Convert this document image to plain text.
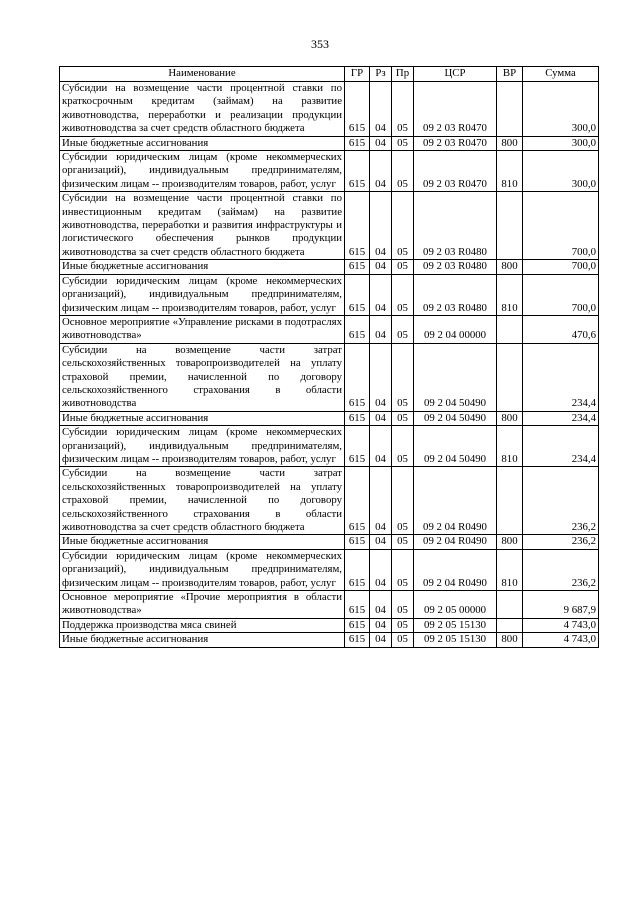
353
Наименование	ГР	Рз	Пр	ЦСР	ВР	Сумма
Субсидии на возмещение части процентной ставки по краткосрочным кредитам (займам) на развитие животноводства, переработки и реализации продукции животноводства за счет средств областного бюджета	615	04	05	09 2 03 R0470		300,0
Иные бюджетные ассигнования	615	04	05	09 2 03 R0470	800	300,0
Субсидии юридическим лицам (кроме некоммерческих организаций), индивидуальным предпринимателям, физическим лицам -- производителям товаров, работ, услуг	615	04	05	09 2 03 R0470	810	300,0
Субсидии на возмещение части процентной ставки по инвестиционным кредитам (займам) на развитие животноводства, переработки и развития инфраструктуры и логистического обеспечения рынков продукции животноводства за счет средств областного бюджета	615	04	05	09 2 03 R0480		700,0
Иные бюджетные ассигнования	615	04	05	09 2 03 R0480	800	700,0
Субсидии юридическим лицам (кроме некоммерческих организаций), индивидуальным предпринимателям, физическим лицам -- производителям товаров, работ, услуг	615	04	05	09 2 03 R0480	810	700,0
Основное мероприятие «Управление рисками в подотраслях животноводства»	615	04	05	09 2 04 00000		470,6
Субсидии на возмещение части затрат сельскохозяйственных товаропроизводителей на уплату страховой премии, начисленной по договору сельскохозяйственного страхования в области животноводства	615	04	05	09 2 04 50490		234,4
Иные бюджетные ассигнования	615	04	05	09 2 04 50490	800	234,4
Субсидии юридическим лицам (кроме некоммерческих организаций), индивидуальным предпринимателям, физическим лицам -- производителям товаров, работ, услуг	615	04	05	09 2 04 50490	810	234,4
Субсидии на возмещение части затрат сельскохозяйственных товаропроизводителей на уплату страховой премии, начисленной по договору сельскохозяйственного страхования в области животноводства за счет средств областного бюджета	615	04	05	09 2 04 R0490		236,2
Иные бюджетные ассигнования	615	04	05	09 2 04 R0490	800	236,2
Субсидии юридическим лицам (кроме некоммерческих организаций), индивидуальным предпринимателям, физическим лицам -- производителям товаров, работ, услуг	615	04	05	09 2 04 R0490	810	236,2
Основное мероприятие «Прочие мероприятия в области животноводства»	615	04	05	09 2 05 00000		9 687,9
Поддержка производства мяса свиней	615	04	05	09 2 05 15130		4 743,0
Иные бюджетные ассигнования	615	04	05	09 2 05 15130	800	4 743,0
